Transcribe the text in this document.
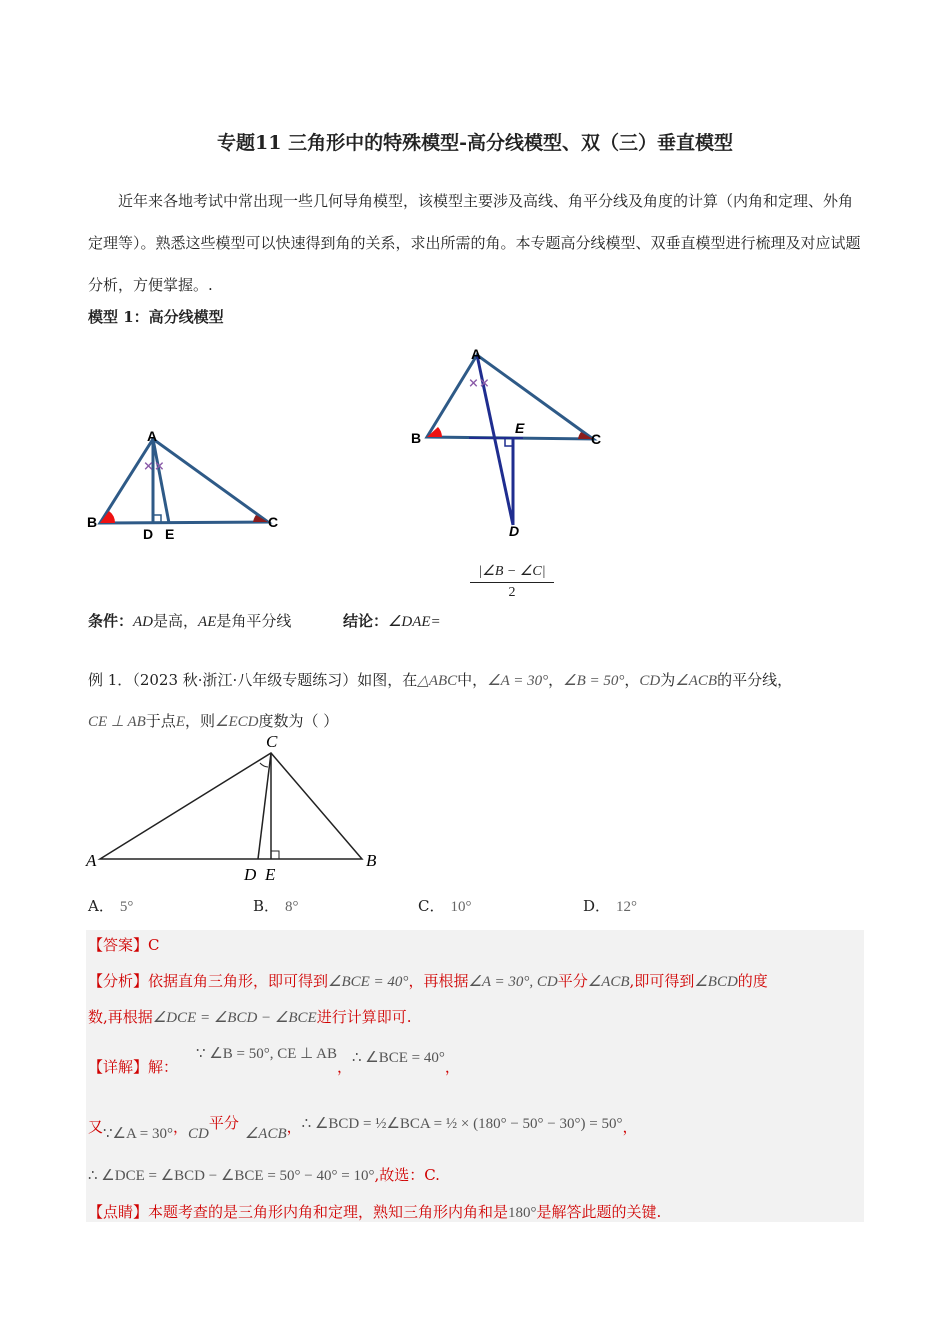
专题11 三角形中的特殊模型-高分线模型、双（三）垂直模型
近年来各地考试中常出现一些几何导角模型，该模型主要涉及高线、角平分线及角度的计算（内角和定理、外角定理等）。熟悉这些模型可以快速得到角的关系，求出所需的角。本专题高分线模型、双垂直模型进行梳理及对应试题分析，方便掌握。.
模型 1：高分线模型
××
A
B	C
D E
××
A
B	C
D
E
$\frac{|\angle B - \angle C|}{2}$
条件：AD是高，AE是角平分线	结论：∠DAE=
例 1．（2023 秋·浙江·八年级专题练习）如图，在△ABC中，∠A = 30°，∠B = 50°，CD为∠ACB的平分线，
CE ⊥ AB于点E，则∠ECD度数为（ ）
A	B
C
D E
A． 5°	B． 8°	C． 10°	D． 12°
【答案】C
【分析】依据直角三角形，即可得到∠BCE = 40°，再根据∠A = 30°, CD平分∠ACB,即可得到∠BCD的度
数,再根据∠DCE = ∠BCD − ∠BCE进行计算即可.
【详解】解：∵ ∠B = 50°, CE ⊥ AB，∴ ∠BCE = 40°，
又∵∠A = 30°，CD平分∠ACB，∴ ∠BCD = ½∠BCA = ½ × (180° − 50° − 30°) = 50°，
∴ ∠DCE = ∠BCD − ∠BCE = 50° − 40° = 10°,故选：C.
【点睛】本题考查的是三角形内角和定理，熟知三角形内角和是180°是解答此题的关键.
